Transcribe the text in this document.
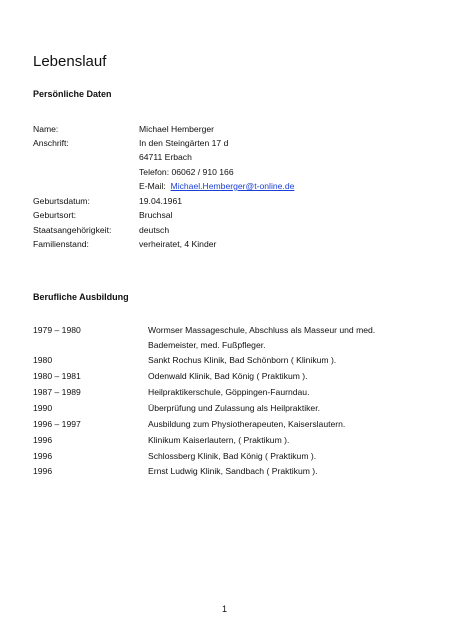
Lebenslauf
Persönliche Daten
Name:	Michael Hemberger
Anschrift:	In den Steingärten 17 d
64711 Erbach
Telefon: 06062 / 910 166
E-Mail: Michael.Hemberger@t-online.de
Geburtsdatum:	19.04.1961
Geburtsort:	Bruchsal
Staatsangehörigkeit:	deutsch
Familienstand:	verheiratet, 4 Kinder
Berufliche Ausbildung
1979 – 1980	Wormser Massageschule, Abschluss als Masseur und med.
Bademeister, med. Fußpfleger.
1980	Sankt Rochus Klinik, Bad Schönborn ( Klinikum ).
1980 – 1981	Odenwald Klinik, Bad König ( Praktikum ).
1987 – 1989	Heilpraktikerschule, Göppingen-Faurndau.
1990	Überprüfung und Zulassung als Heilpraktiker.
1996 – 1997	Ausbildung zum Physiotherapeuten, Kaiserslautern.
1996	Klinikum Kaiserlautern, ( Praktikum ).
1996	Schlossberg Klinik, Bad König ( Praktikum ).
1996	Ernst Ludwig Klinik, Sandbach ( Praktikum ).
1
